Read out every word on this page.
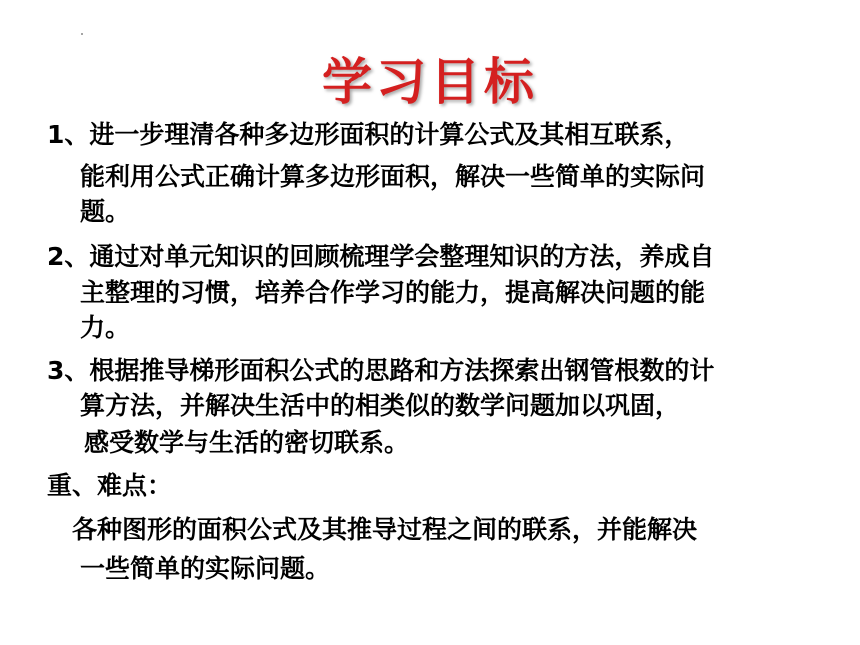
学习目标
1、进一步理清各种多边形面积的计算公式及其相互联系，
能利用公式正确计算多边形面积，解决一些简单的实际问
题。
2、通过对单元知识的回顾梳理学会整理知识的方法，养成自
主整理的习惯，培养合作学习的能力，提高解决问题的能
力。
3、根据推导梯形面积公式的思路和方法探索出钢管根数的计
算方法，并解决生活中的相类似的数学问题加以巩固，
感受数学与生活的密切联系。
重、难点：
各种图形的面积公式及其推导过程之间的联系，并能解决
一些简单的实际问题。
